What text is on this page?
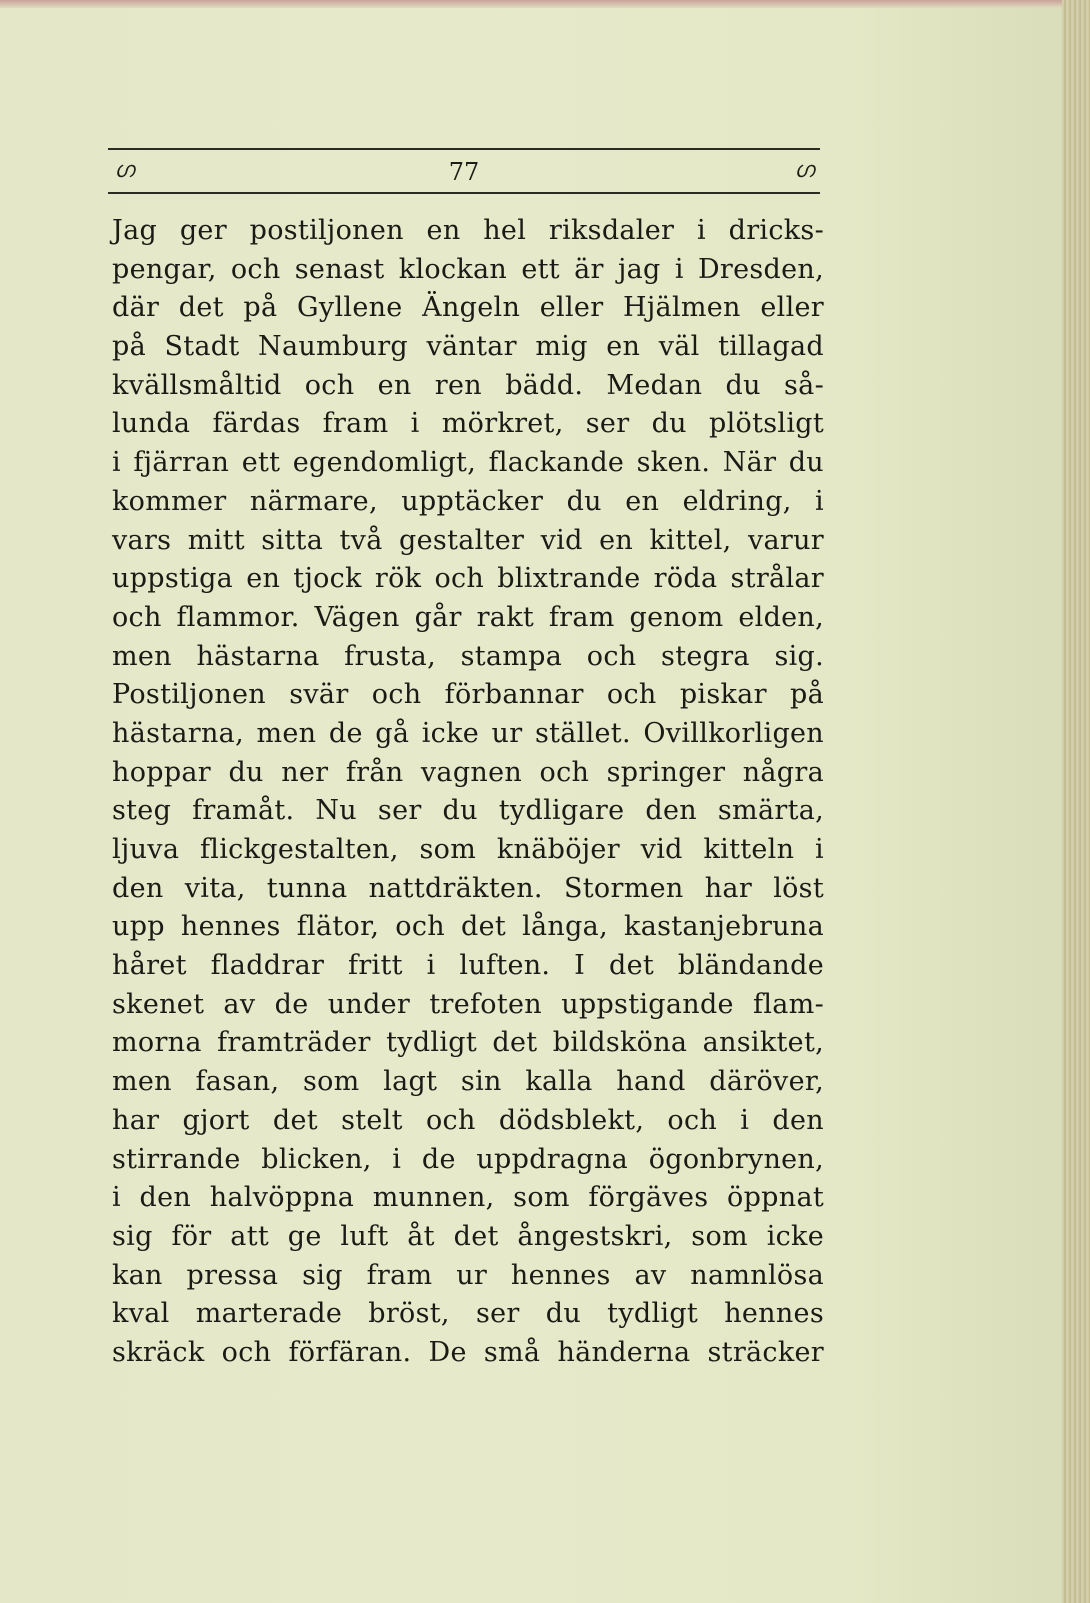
ഗ	77	ഗ
Jag ger postiljonen en hel riksdaler i dricks-
pengar, och senast klockan ett är jag i Dresden,
där det på Gyllene Ängeln eller Hjälmen eller
på Stadt Naumburg väntar mig en väl tillagad
kvällsmåltid och en ren bädd. Medan du så-
lunda färdas fram i mörkret, ser du plötsligt
i fjärran ett egendomligt, flackande sken. När du
kommer närmare, upptäcker du en eldring, i
vars mitt sitta två gestalter vid en kittel, varur
uppstiga en tjock rök och blixtrande röda strålar
och flammor. Vägen går rakt fram genom elden,
men hästarna frusta, stampa och stegra sig.
Postiljonen svär och förbannar och piskar på
hästarna, men de gå icke ur stället. Ovillkorligen
hoppar du ner från vagnen och springer några
steg framåt. Nu ser du tydligare den smärta,
ljuva flickgestalten, som knäböjer vid kitteln i
den vita, tunna nattdräkten. Stormen har löst
upp hennes flätor, och det långa, kastanjebruna
håret fladdrar fritt i luften. I det bländande
skenet av de under trefoten uppstigande flam-
morna framträder tydligt det bildsköna ansiktet,
men fasan, som lagt sin kalla hand däröver,
har gjort det stelt och dödsblekt, och i den
stirrande blicken, i de uppdragna ögonbrynen,
i den halvöppna munnen, som förgäves öppnat
sig för att ge luft åt det ångestskri, som icke
kan pressa sig fram ur hennes av namnlösa
kval marterade bröst, ser du tydligt hennes
skräck och förfäran. De små händerna sträcker
